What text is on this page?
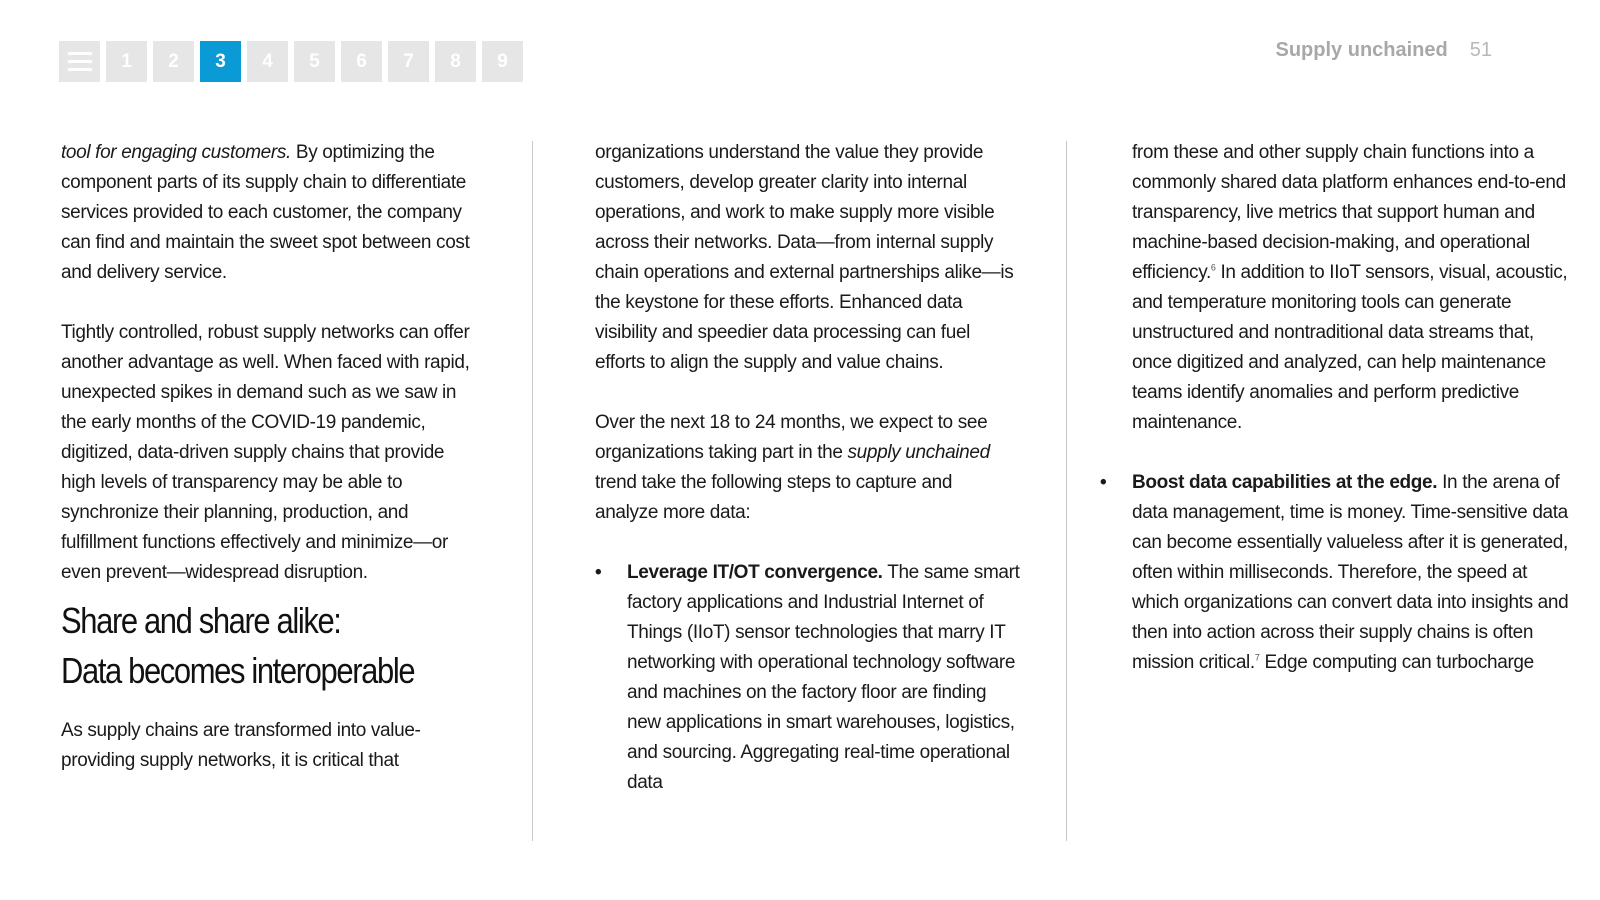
1	2	3	4	5	6	7	8	9	Supply unchained 51

tool for engaging customers. By optimizing the component parts of its supply chain to differentiate services provided to each customer, the company can find and maintain the sweet spot between cost and delivery service.

Tightly controlled, robust supply networks can offer another advantage as well. When faced with rapid, unexpected spikes in demand such as we saw in the early months of the COVID-19 pandemic, digitized, data-driven supply chains that provide high levels of transparency may be able to synchronize their planning, production, and fulfillment functions effectively and minimize—or even prevent—widespread disruption.

Share and share alike:
Data becomes interoperable

As supply chains are transformed into value-providing supply networks, it is critical that

organizations understand the value they provide customers, develop greater clarity into internal operations, and work to make supply more visible across their networks. Data—from internal supply chain operations and external partnerships alike—is the keystone for these efforts. Enhanced data visibility and speedier data processing can fuel efforts to align the supply and value chains.

Over the next 18 to 24 months, we expect to see organizations taking part in the supply unchained trend take the following steps to capture and analyze more data:

• Leverage IT/OT convergence. The same smart factory applications and Industrial Internet of Things (IIoT) sensor technologies that marry IT networking with operational technology software and machines on the factory floor are finding new applications in smart warehouses, logistics, and sourcing. Aggregating real-time operational data

from these and other supply chain functions into a commonly shared data platform enhances end-to-end transparency, live metrics that support human and machine-based decision-making, and operational efficiency.$^6$ In addition to IIoT sensors, visual, acoustic, and temperature monitoring tools can generate unstructured and nontraditional data streams that, once digitized and analyzed, can help maintenance teams identify anomalies and perform predictive maintenance.

• Boost data capabilities at the edge. In the arena of data management, time is money. Time-sensitive data can become essentially valueless after it is generated, often within milliseconds. Therefore, the speed at which organizations can convert data into insights and then into action across their supply chains is often mission critical.$^7$ Edge computing can turbocharge
